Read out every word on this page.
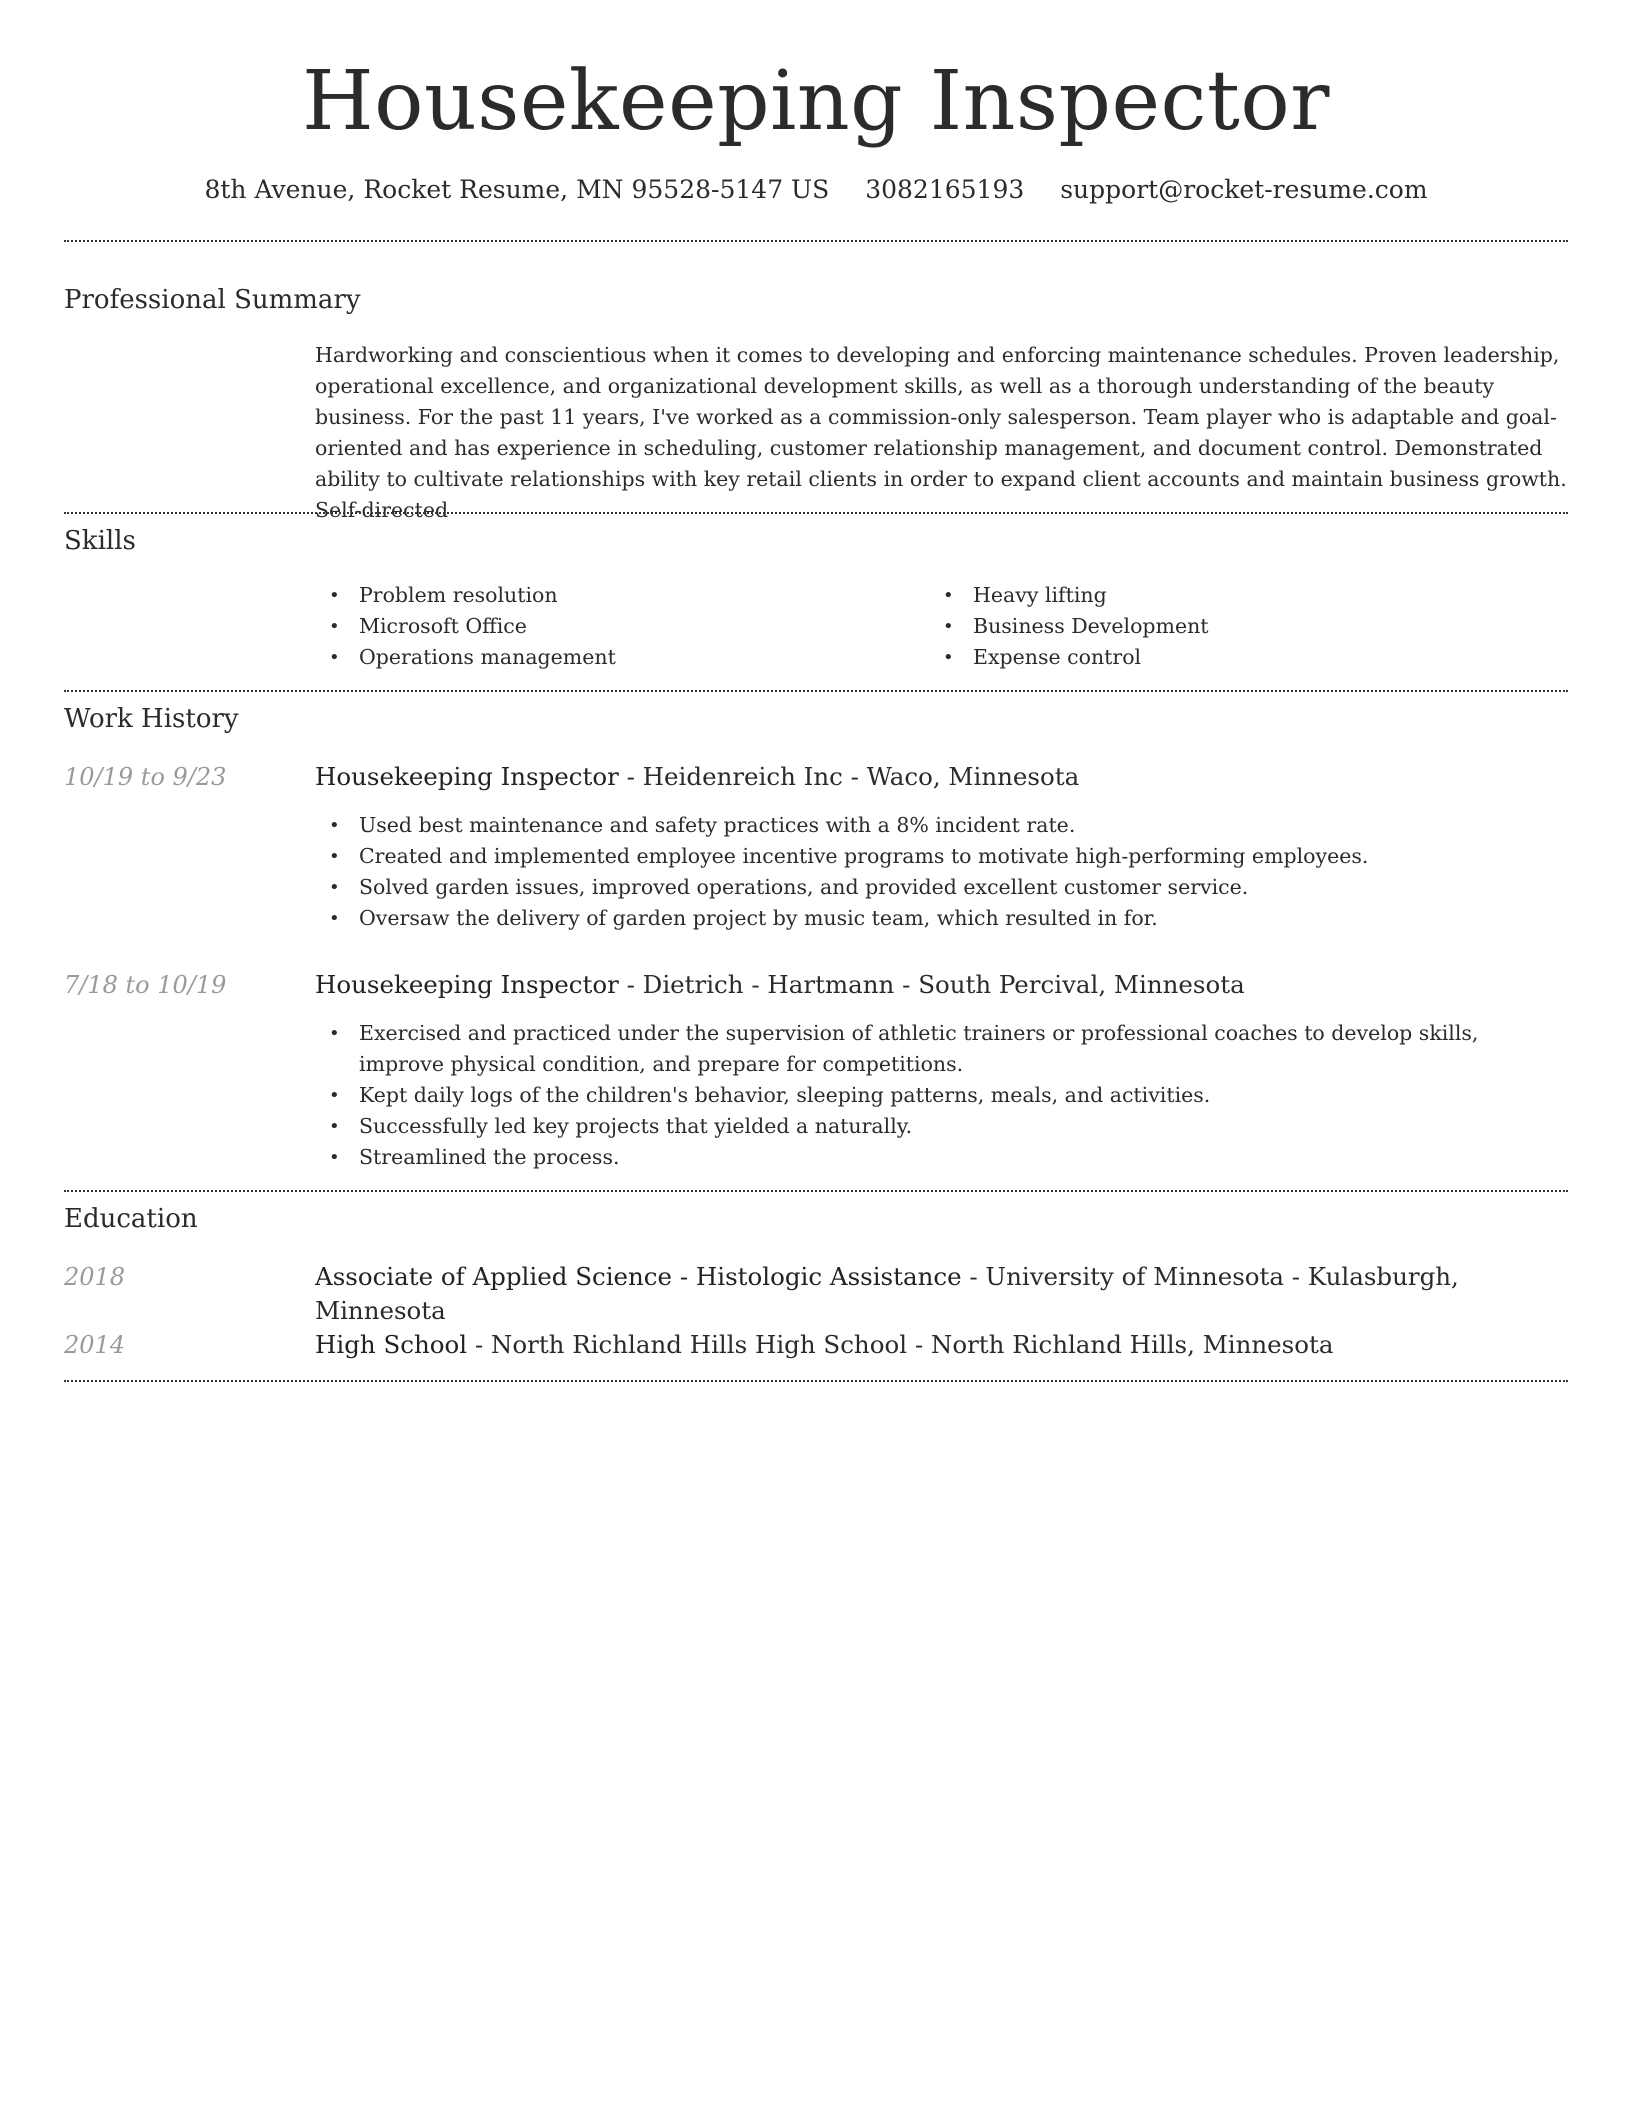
Housekeeping Inspector
8th Avenue, Rocket Resume, MN 95528-5147 US 3082165193 support@rocket-resume.com
Professional Summary

Hardworking and conscientious when it comes to developing and enforcing maintenance schedules. Proven leadership, operational excellence, and organizational development skills, as well as a thorough understanding of the beauty business. For the past 11 years, I've worked as a commission-only salesperson. Team player who is adaptable and goal-oriented and has experience in scheduling, customer relationship management, and document control. Demonstrated ability to cultivate relationships with key retail clients in order to expand client accounts and maintain business growth. Self-directed

Skills
• Problem resolution
• Microsoft Office
• Operations management
• Heavy lifting
• Business Development
• Expense control
Work History
10/19 to 9/23	Housekeeping Inspector - Heidenreich Inc - Waco, Minnesota
• Used best maintenance and safety practices with a 8% incident rate.
• Created and implemented employee incentive programs to motivate high-performing employees.
• Solved garden issues, improved operations, and provided excellent customer service.
• Oversaw the delivery of garden project by music team, which resulted in for.
7/18 to 10/19	Housekeeping Inspector - Dietrich - Hartmann - South Percival, Minnesota
• Exercised and practiced under the supervision of athletic trainers or professional coaches to develop skills, improve physical condition, and prepare for competitions.
• Kept daily logs of the children's behavior, sleeping patterns, meals, and activities.
• Successfully led key projects that yielded a naturally.
• Streamlined the process.
Education
2018	Associate of Applied Science - Histologic Assistance - University of Minnesota - Kulasburgh, Minnesota
2014	High School - North Richland Hills High School - North Richland Hills, Minnesota
